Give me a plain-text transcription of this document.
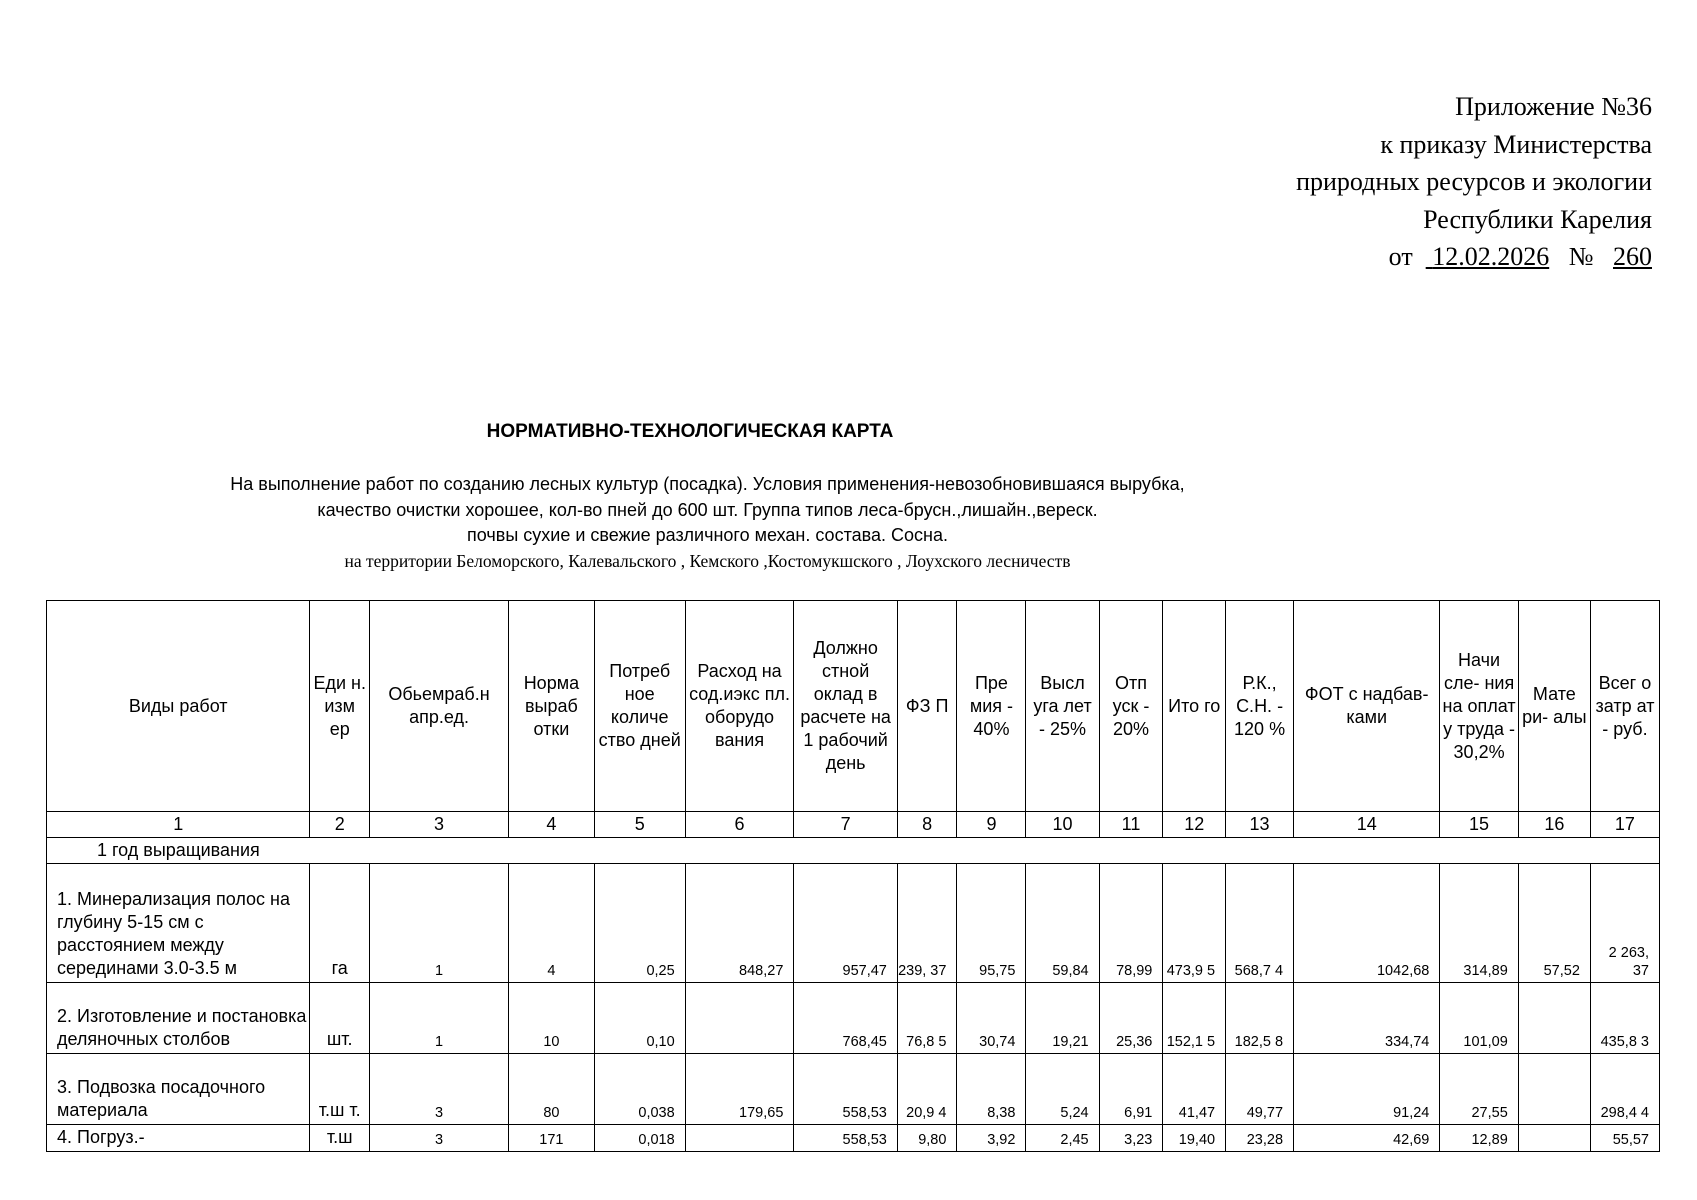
Приложение №36
к приказу Министерства
природных ресурсов и экологии
Республики Карелия
от 12.02.2026 № 260
НОРМАТИВНО-ТЕХНОЛОГИЧЕСКАЯ КАРТА
На выполнение работ по созданию лесных культур (посадка). Условия применения-невозобновившаяся вырубка,
качество очистки хорошее, кол-во пней до 600 шт. Группа типов леса-брусн.,лишайн.,вереск.
почвы сухие и свежие различного механ. состава. Сосна.
на территории Беломорского, Калевальского , Кемского ,Костомукшского , Лоухского лесничеств
Виды работ	Еди н. изм ер	Обьемраб.н апр.ед.	Норма выраб отки	Потреб ное количе ство дней	Расход на сод.иэкс пл. оборудо вания	Должно стной оклад в расчете на 1 рабочий день	ФЗ П	Пре мия - 40%	Высл уга лет - 25%	Отп уск - 20%	Ито го	Р.К., С.Н. - 120 %	ФОТ с надбав-ками	Начи сле- ния на оплат у труда - 30,2%	Мате ри- алы	Всег о затр ат - руб.
1	2	3	4	5	6	7	8	9	10	11	12	13	14	15	16	17
1 год выращивания																
1. Минерализация полос на глубину 5-15 см с расстоянием между серединами 3.0-3.5 м	га	1	4	0,25	848,27	957,47	239, 37	95,75	59,84	78,99	473,9 5	568,7 4	1042,68	314,89	57,52	2 263, 37
2. Изготовление и постановка деляночных столбов	шт.	1	10	0,10		768,45	76,8 5	30,74	19,21	25,36	152,1 5	182,5 8	334,74	101,09		435,8 3
3. Подвозка посадочного материала	т.ш т.	3	80	0,038	179,65	558,53	20,9 4	8,38	5,24	6,91	41,47	49,77	91,24	27,55		298,4 4
4. Погруз.-	т.ш	3	171	0,018		558,53	9,80	3,92	2,45	3,23	19,40	23,28	42,69	12,89		55,57
